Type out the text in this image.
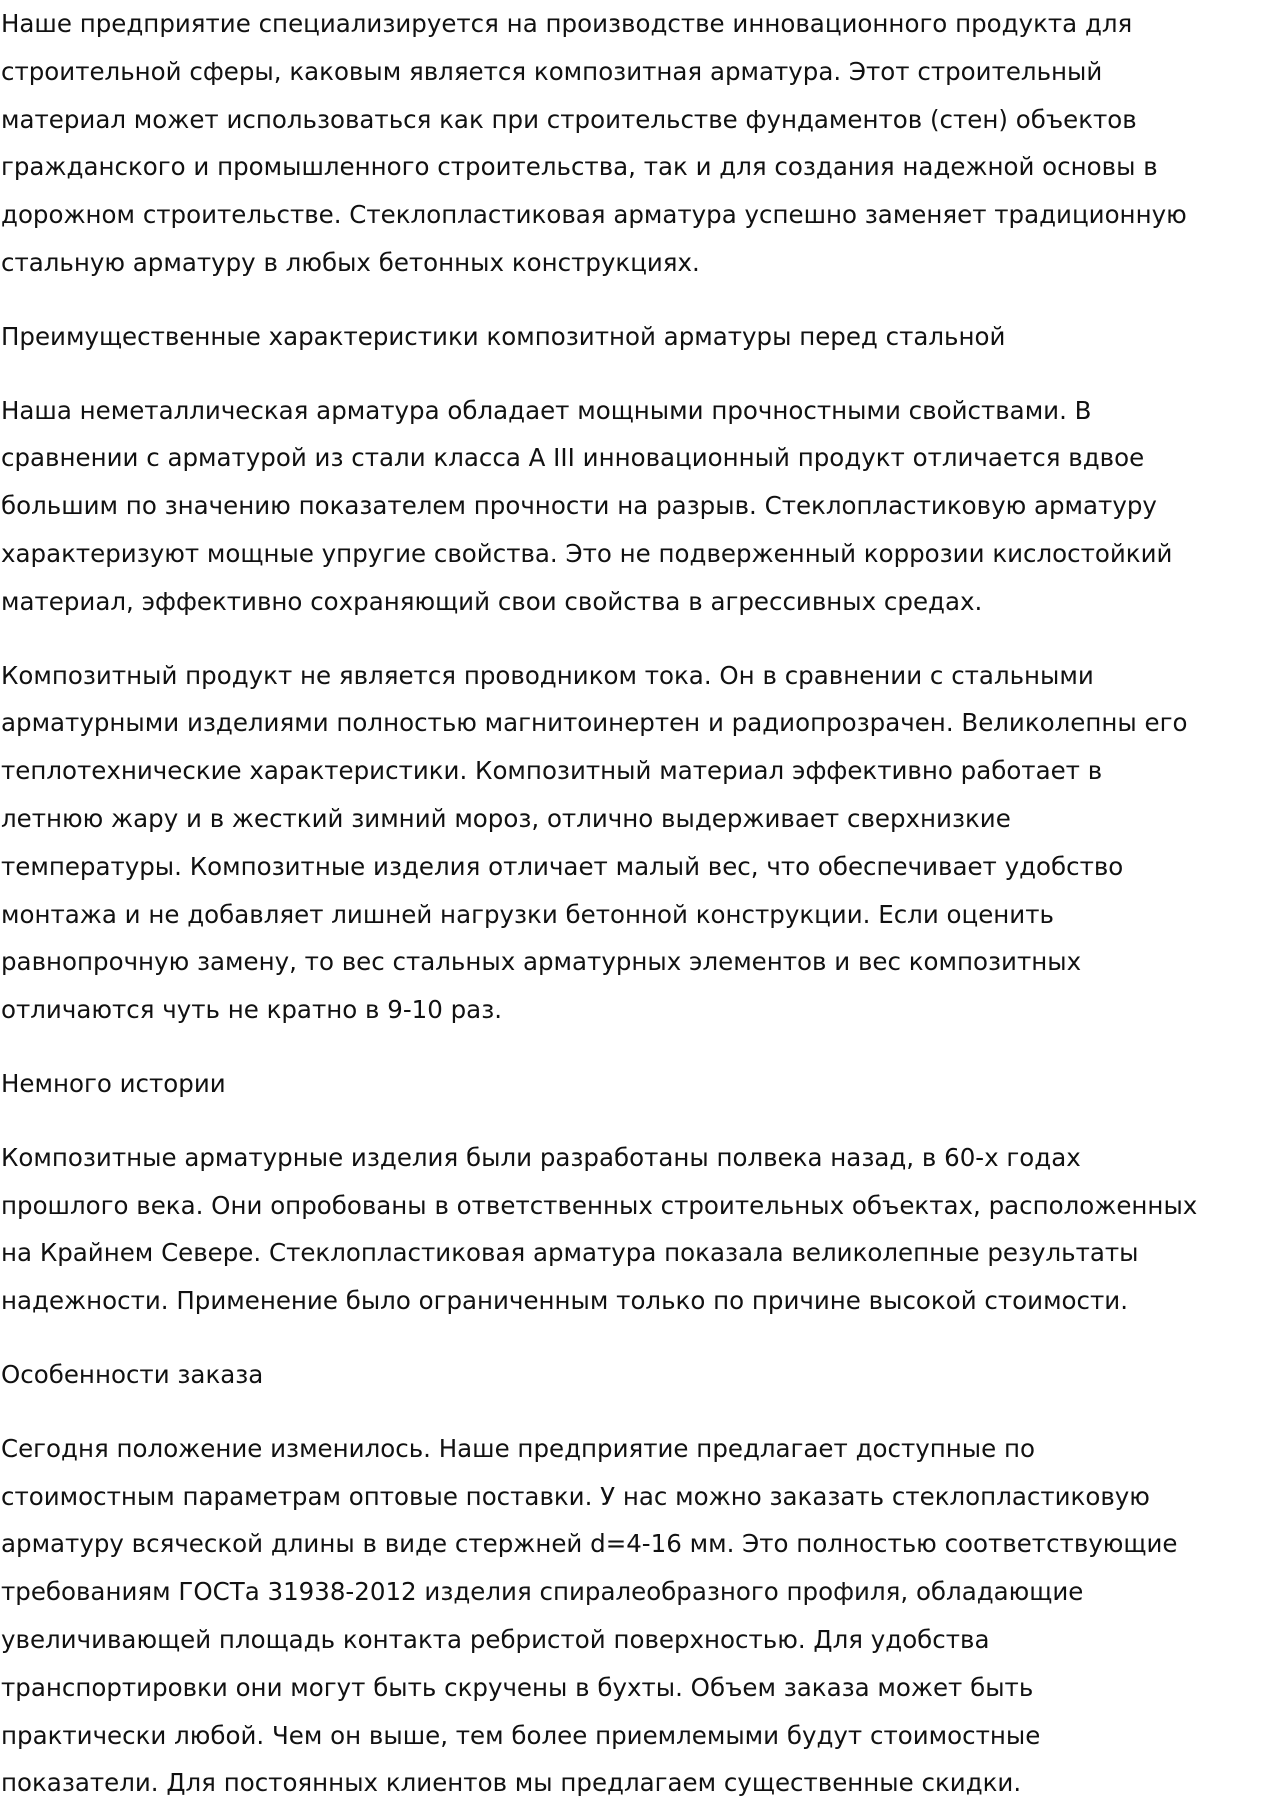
Наше предприятие специализируется на производстве инновационного продукта для
строительной сферы, каковым является композитная арматура. Этот строительный
материал может использоваться как при строительстве фундаментов (стен) объектов
гражданского и промышленного строительства, так и для создания надежной основы в
дорожном строительстве. Стеклопластиковая арматура успешно заменяет традиционную
стальную арматуру в любых бетонных конструкциях.

Преимущественные характеристики композитной арматуры перед стальной

Наша неметаллическая арматура обладает мощными прочностными свойствами. В
сравнении с арматурой из стали класса А III инновационный продукт отличается вдвое
большим по значению показателем прочности на разрыв. Стеклопластиковую арматуру
характеризуют мощные упругие свойства. Это не подверженный коррозии кислостойкий
материал, эффективно сохраняющий свои свойства в агрессивных средах.

Композитный продукт не является проводником тока. Он в сравнении с стальными
арматурными изделиями полностью магнитоинертен и радиопрозрачен. Великолепны его
теплотехнические характеристики. Композитный материал эффективно работает в
летнюю жару и в жесткий зимний мороз, отлично выдерживает сверхнизкие
температуры. Композитные изделия отличает малый вес, что обеспечивает удобство
монтажа и не добавляет лишней нагрузки бетонной конструкции. Если оценить
равнопрочную замену, то вес стальных арматурных элементов и вес композитных
отличаются чуть не кратно в 9-10 раз.

Немного истории

Композитные арматурные изделия были разработаны полвека назад, в 60-х годах
прошлого века. Они опробованы в ответственных строительных объектах, расположенных
на Крайнем Севере. Стеклопластиковая арматура показала великолепные результаты
надежности. Применение было ограниченным только по причине высокой стоимости.

Особенности заказа

Сегодня положение изменилось. Наше предприятие предлагает доступные по
стоимостным параметрам оптовые поставки. У нас можно заказать стеклопластиковую
арматуру всяческой длины в виде стержней d=4-16 мм. Это полностью соответствующие
требованиям ГОСТа 31938-2012 изделия спиралеобразного профиля, обладающие
увеличивающей площадь контакта ребристой поверхностью. Для удобства
транспортировки они могут быть скручены в бухты. Объем заказа может быть
практически любой. Чем он выше, тем более приемлемыми будут стоимостные
показатели. Для постоянных клиентов мы предлагаем существенные скидки.
